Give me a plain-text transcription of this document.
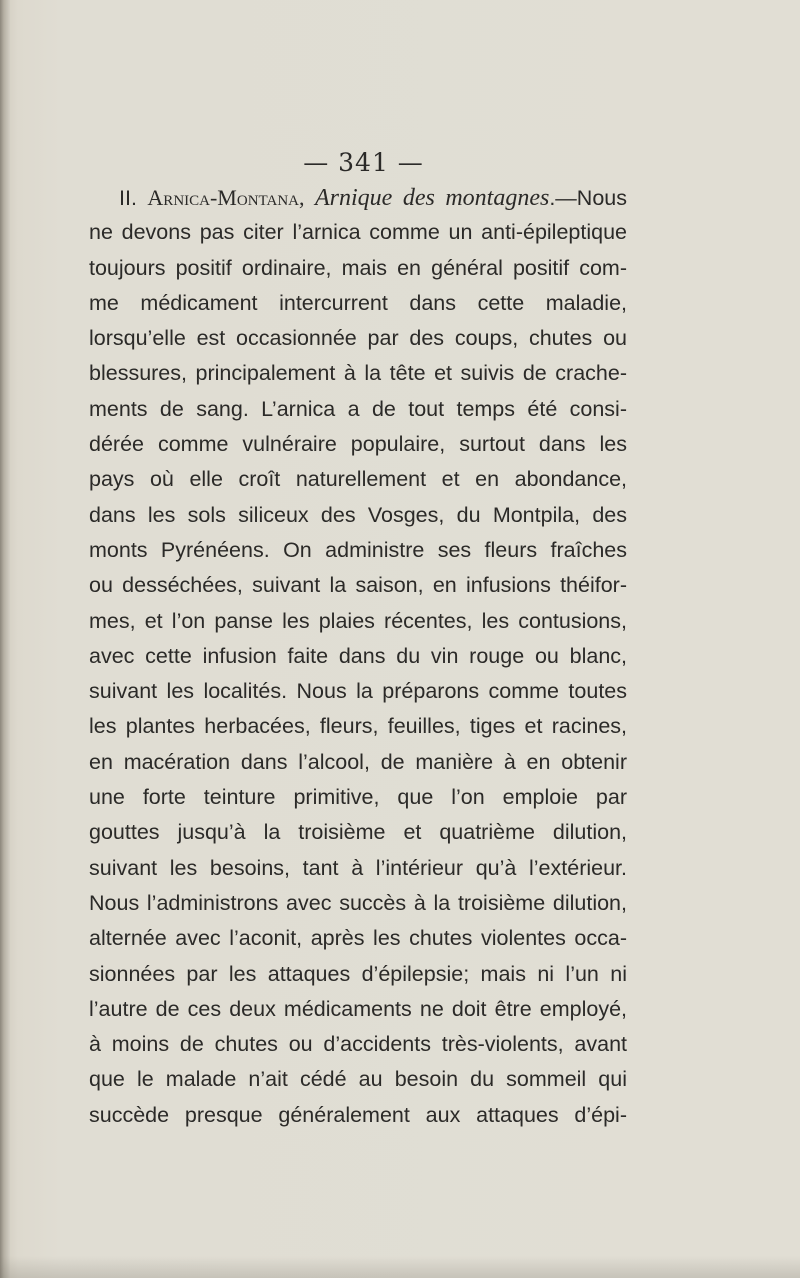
— 341 —
II. Arnica-Montana, Arnique des montagnes.—Nous
ne devons pas citer l’arnica comme un anti-épileptique
toujours positif ordinaire, mais en général positif com-
me médicament intercurrent dans cette maladie,
lorsqu’elle est occasionnée par des coups, chutes ou
blessures, principalement à la tête et suivis de crache-
ments de sang. L’arnica a de tout temps été consi-
dérée comme vulnéraire populaire, surtout dans les
pays où elle croît naturellement et en abondance,
dans les sols siliceux des Vosges, du Montpila, des
monts Pyrénéens. On administre ses fleurs fraîches
ou desséchées, suivant la saison, en infusions théifor-
mes, et l’on panse les plaies récentes, les contusions,
avec cette infusion faite dans du vin rouge ou blanc,
suivant les localités. Nous la préparons comme toutes
les plantes herbacées, fleurs, feuilles, tiges et racines,
en macération dans l’alcool, de manière à en obtenir
une forte teinture primitive, que l’on emploie par
gouttes jusqu’à la troisième et quatrième dilution,
suivant les besoins, tant à l’intérieur qu’à l’extérieur.
Nous l’administrons avec succès à la troisième dilution,
alternée avec l’aconit, après les chutes violentes occa-
sionnées par les attaques d’épilepsie; mais ni l’un ni
l’autre de ces deux médicaments ne doit être employé,
à moins de chutes ou d’accidents très-violents, avant
que le malade n’ait cédé au besoin du sommeil qui
succède presque généralement aux attaques d’épi-
